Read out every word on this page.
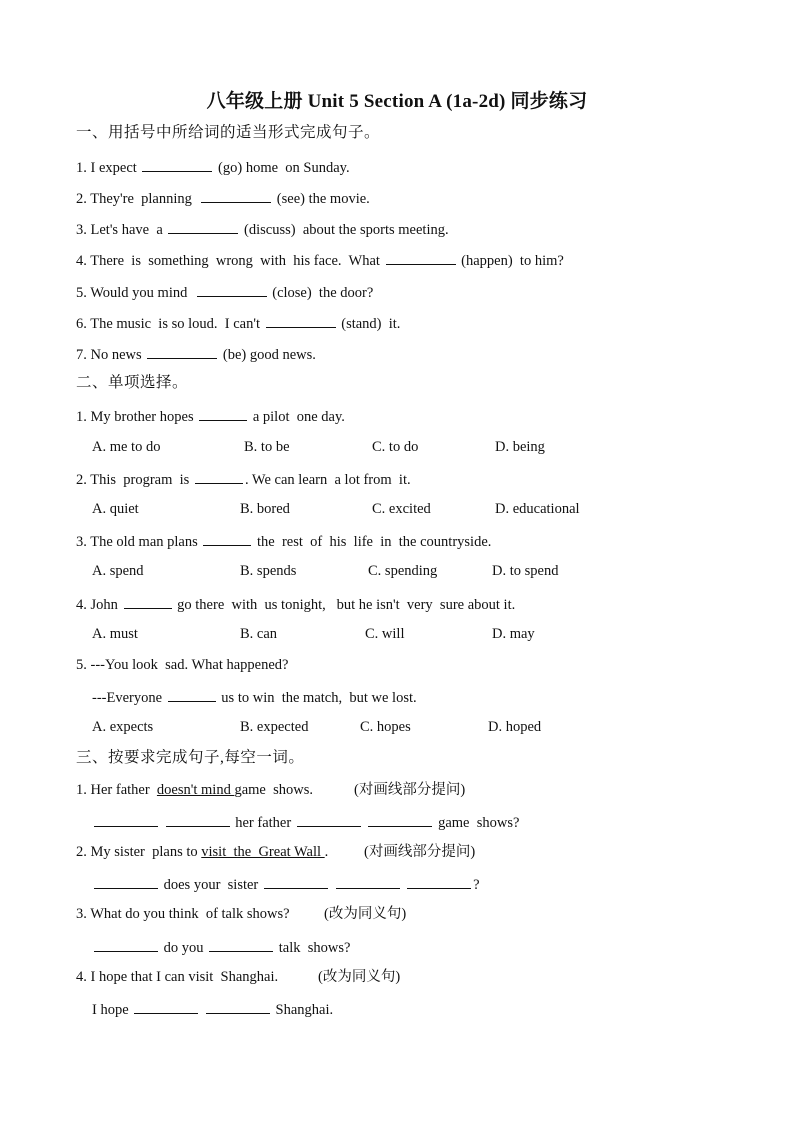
八年级上册 Unit 5 Section A (1a-2d) 同步练习
一、用括号中所给词的适当形式完成句子。
1. I expect	(go) home  on Sunday.
2. They're  planning	(see) the movie.
3. Let's have  a	(discuss)  about the sports meeting.
4. There  is  something  wrong  with  his face.  What	(happen)  to him?
5. Would you mind	(close)  the door?
6. The music  is so loud.  I can't	(stand)  it.
7. No news	(be) good news.
二、单项选择。
1. My brother hopes	a pilot  one day.
A. me to do	B. to be	C. to do	D. being
2. This  program  is	. We can learn  a lot from  it.
A. quiet	B. bored	C. excited	D. educational
3. The old man plans	the  rest  of  his  life  in  the countryside.
A. spend	B. spends	C. spending	D. to spend
4. John	go there  with  us tonight,   but he isn't  very  sure about it.
A. must	B. can	C. will	D. may
5. ---You look  sad. What happened?
---Everyone	us to win  the match,  but we lost.
A. expects	B. expected	C. hopes	D. hoped
三、按要求完成句子,每空一词。
1. Her father  doesn't mind game  shows.	(对画线部分提问)
her father	game  shows?
2. My sister  plans to visit  the  Great Wall . (对画线部分提问)
does your  sister	?
3. What do you think  of talk shows? (改为同义句)
do you	talk  shows?
4. I hope that I can visit  Shanghai.	(改为同义句)
I hope	Shanghai.
